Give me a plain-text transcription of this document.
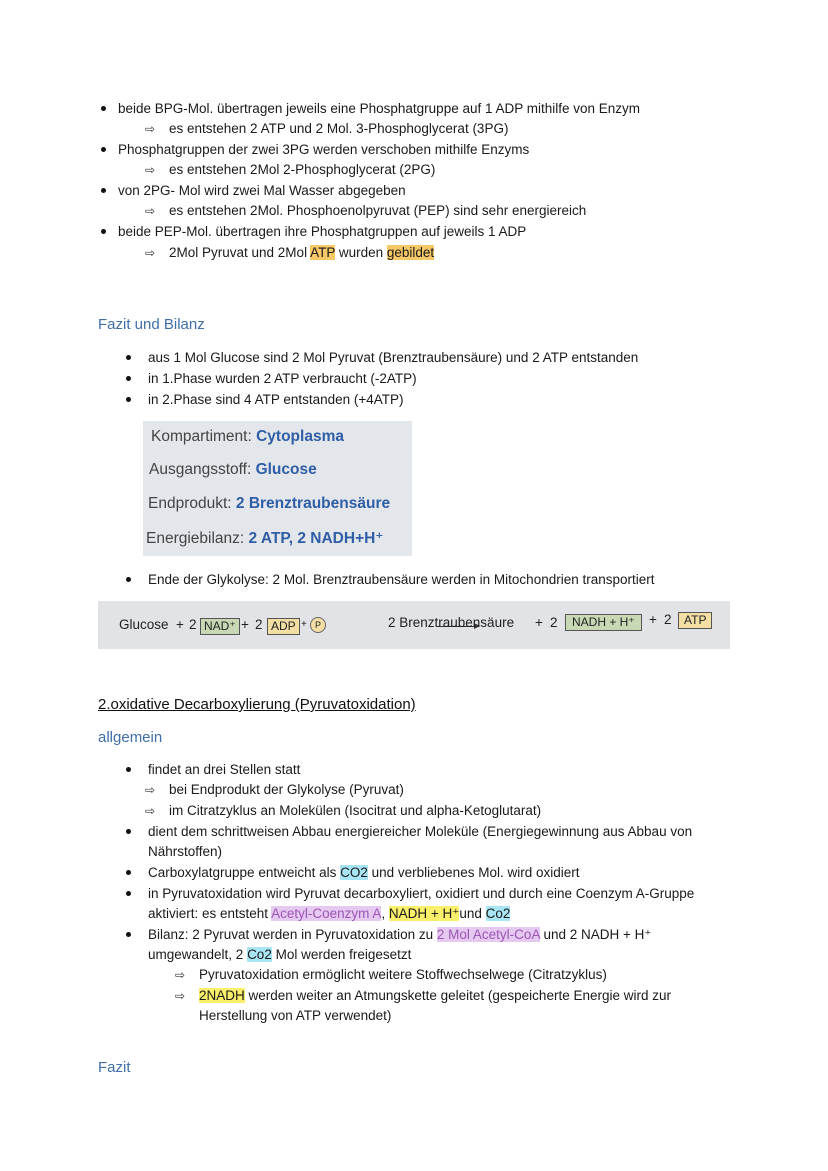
beide BPG-Mol. übertragen jeweils eine Phosphatgruppe auf 1 ADP mithilfe von Enzym
⇨ es entstehen 2 ATP und 2 Mol. 3-Phosphoglycerat (3PG)
Phosphatgruppen der zwei 3PG werden verschoben mithilfe Enzyms
⇨ es entstehen 2Mol 2-Phosphoglycerat (2PG)
von 2PG- Mol wird zwei Mal Wasser abgegeben
⇨ es entstehen 2Mol. Phosphoenolpyruvat (PEP) sind sehr energiereich
beide PEP-Mol. übertragen ihre Phosphatgruppen auf jeweils 1 ADP
⇨ 2Mol Pyruvat und 2Mol ATP wurden gebildet
Fazit und Bilanz
aus 1 Mol Glucose sind 2 Mol Pyruvat (Brenztraubensäure) und 2 ATP entstanden
in 1.Phase wurden 2 ATP verbraucht (-2ATP)
in 2.Phase sind 4 ATP entstanden (+4ATP)
Kompartiment: Cytoplasma
Ausgangsstoff: Glucose
Endprodukt: 2 Brenztraubensäure
Energiebilanz: 2 ATP, 2 NADH+H⁺
Ende der Glykolyse: 2 Mol. Brenztraubensäure werden in Mitochondrien transportiert
Glucose + 2 NAD⁺ + 2 ADP + P	2 Brenztraubensäure + 2	NADH + H⁺	+ 2	ATP
2.oxidative Decarboxylierung (Pyruvatoxidation)
allgemein
findet an drei Stellen statt
⇨ bei Endprodukt der Glykolyse (Pyruvat)
⇨ im Citratzyklus an Molekülen (Isocitrat und alpha-Ketoglutarat)
dient dem schrittweisen Abbau energiereicher Moleküle (Energiegewinnung aus Abbau von
Nährstoffen)
Carboxylatgruppe entweicht als CO2 und verbliebenes Mol. wird oxidiert
in Pyruvatoxidation wird Pyruvat decarboxyliert, oxidiert und durch eine Coenzym A-Gruppe
aktiviert: es entsteht Acetyl-Coenzym A, NADH + H⁺und Co2
Bilanz: 2 Pyruvat werden in Pyruvatoxidation zu 2 Mol Acetyl-CoA und 2 NADH + H⁺
umgewandelt, 2 Co2 Mol werden freigesetzt
⇨ Pyruvatoxidation ermöglicht weitere Stoffwechselwege (Citratzyklus)
⇨ 2NADH werden weiter an Atmungskette geleitet (gespeicherte Energie wird zur
Herstellung von ATP verwendet)
Fazit
